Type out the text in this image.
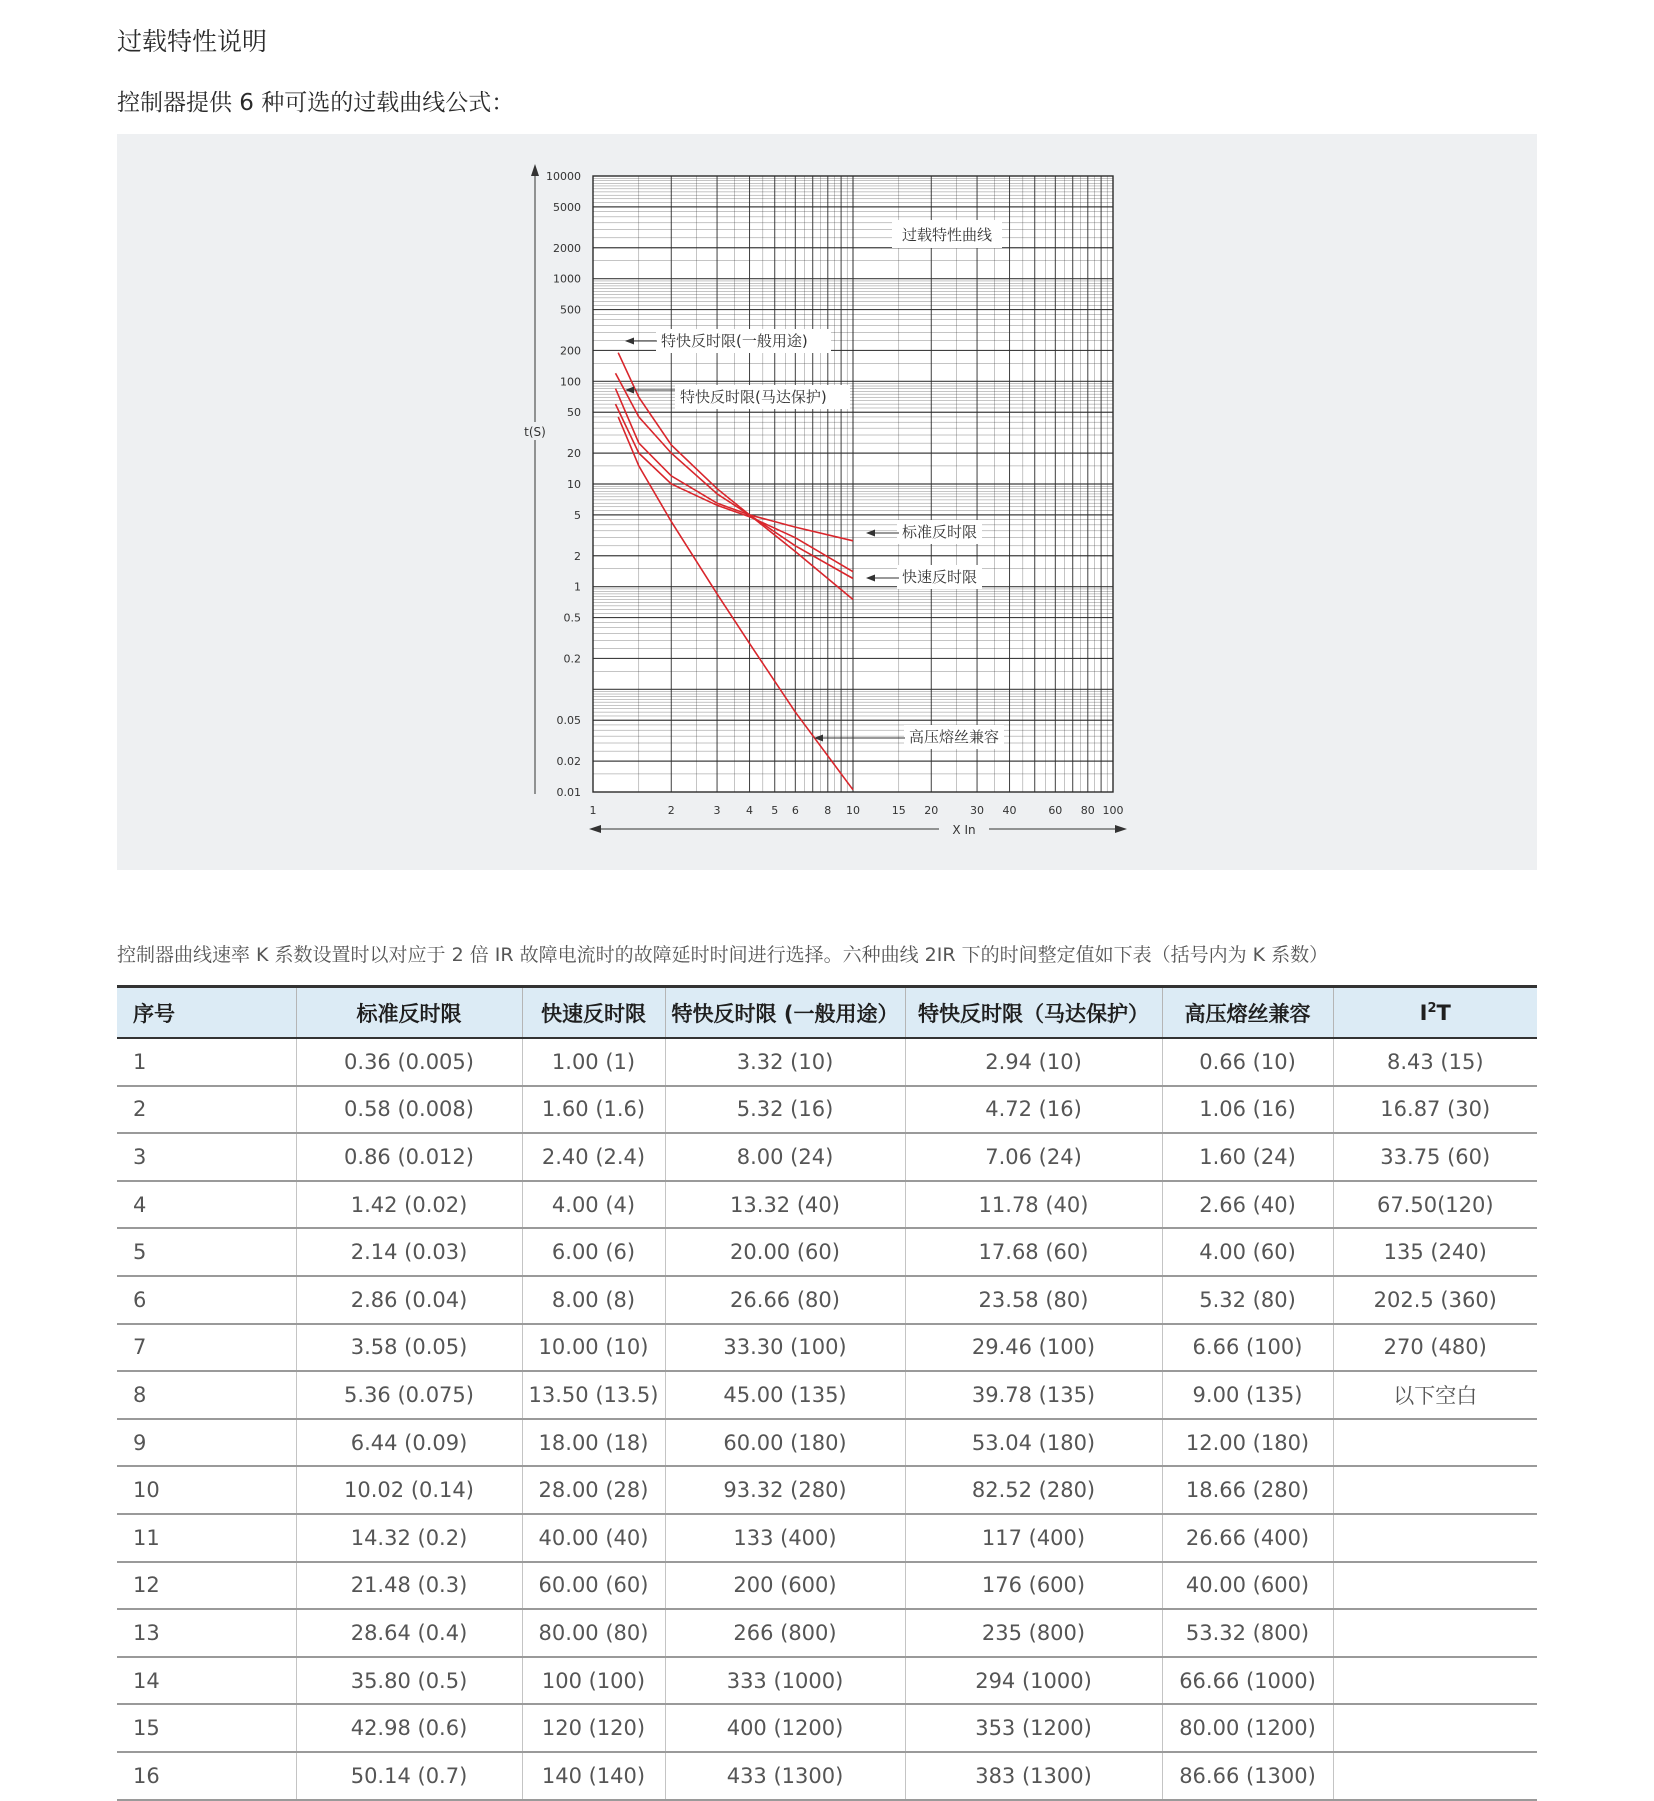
过载特性说明
控制器提供 6 种可选的过载曲线公式：
10000
5000
2000
1000
500
200
100
50
20
10
5
2
1
0.5
0.2
0.05
0.02
0.01
1	2	3 4 5 6 8 10	15 20	30 40	60 80 100
t(S)
X In
过载特性曲线
特快反时限(一般用途)
特快反时限(马达保护)
标准反时限
快速反时限
高压熔丝兼容
控制器曲线速率 K 系数设置时以对应于 2 倍 IR 故障电流时的故障延时时间进行选择。六种曲线 2IR 下的时间整定值如下表（括号内为 K 系数）
序号	标准反时限	快速反时限	特快反时限 (一般用途）	特快反时限（马达保护）	高压熔丝兼容	$I^2T$
1	0.36 (0.005)	1.00 (1)	3.32 (10)	2.94 (10)	0.66 (10)	8.43 (15)
2	0.58 (0.008)	1.60 (1.6)	5.32 (16)	4.72 (16)	1.06 (16)	16.87 (30)
3	0.86 (0.012)	2.40 (2.4)	8.00 (24)	7.06 (24)	1.60 (24)	33.75 (60)
4	1.42 (0.02)	4.00 (4)	13.32 (40)	11.78 (40)	2.66 (40)	67.50(120)
5	2.14 (0.03)	6.00 (6)	20.00 (60)	17.68 (60)	4.00 (60)	135 (240)
6	2.86 (0.04)	8.00 (8)	26.66 (80)	23.58 (80)	5.32 (80)	202.5 (360)
7	3.58 (0.05)	10.00 (10)	33.30 (100)	29.46 (100)	6.66 (100)	270 (480)
8	5.36 (0.075)	13.50 (13.5)	45.00 (135)	39.78 (135)	9.00 (135)	以下空白
9	6.44 (0.09)	18.00 (18)	60.00 (180)	53.04 (180)	12.00 (180)	
10	10.02 (0.14)	28.00 (28)	93.32 (280)	82.52 (280)	18.66 (280)	
11	14.32 (0.2)	40.00 (40)	133 (400)	117 (400)	26.66 (400)	
12	21.48 (0.3)	60.00 (60)	200 (600)	176 (600)	40.00 (600)	
13	28.64 (0.4)	80.00 (80)	266 (800)	235 (800)	53.32 (800)	
14	35.80 (0.5)	100 (100)	333 (1000)	294 (1000)	66.66 (1000)	
15	42.98 (0.6)	120 (120)	400 (1200)	353 (1200)	80.00 (1200)	
16	50.14 (0.7)	140 (140)	433 (1300)	383 (1300)	86.66 (1300)	
